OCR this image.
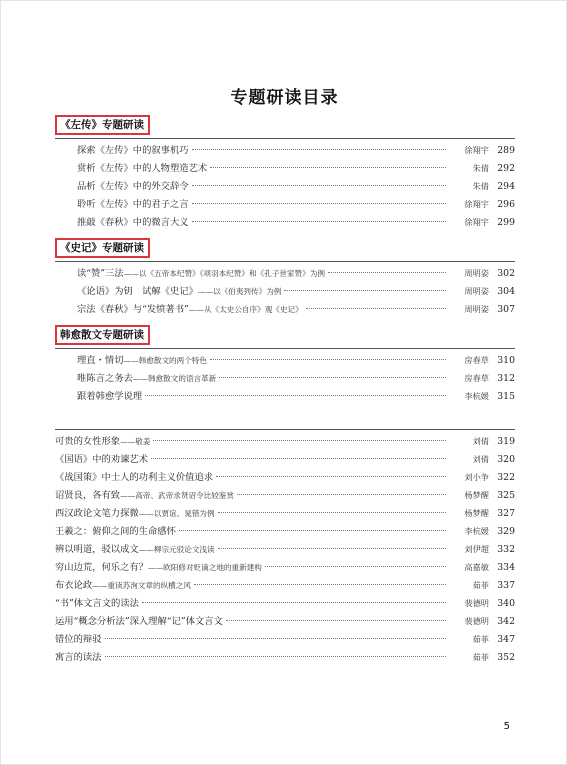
专题研读目录
《左传》专题研读
探索《左传》中的叙事机巧	徐翔宇 289
赏析《左传》中的人物塑造艺术	朱倩 292
品析《左传》中的外交辞令	朱倩 294
聆听《左传》中的君子之言	徐翔宇 296
推敲《春秋》中的微言大义	徐翔宇 299
《史记》专题研读
读“赞”三法——以《五帝本纪赞》《项羽本纪赞》和《孔子世家赞》为例	周明姿 302
《论语》为钥　试解《史记》——以《伯夷列传》为例	周明姿 304
宗法《春秋》与“发愤著书”——从《太史公自序》观《史记》	周明姿 307
韩愈散文专题研读
理直・情切——韩愈散文的两个特色	房春草 310
唯陈言之务去——韩愈散文的语言革新	房春草 312
跟着韩愈学说理	李杭媛 315
可贵的女性形象——敬姜	刘倩 319
《国语》中的劝谏艺术	刘倩 320
《战国策》中士人的功利主义价值追求	刘小争 322
诏贤良，各有致——高帝、武帝求贤诏令比较鉴赏	杨梦醒 325
西汉政论文笔力探微——以贾谊、晁错为例	杨梦醒 327
王羲之：俯仰之间的生命感怀	李杭媛 329
辨以明道，驳以成文——柳宗元驳论文浅读	刘伊超 332
穷山边荒，何乐之有？——欧阳修对贬谪之地的重新建构	高嘉敏 334
布衣论政——重读苏洵文章的纵横之风	茹菲 337
“书”体文言文的读法	裴德明 340
运用“概念分析法”深入理解“记”体文言文	裴德明 342
错位的辩驳	茹菲 347
寓言的读法	茹菲 352
5
